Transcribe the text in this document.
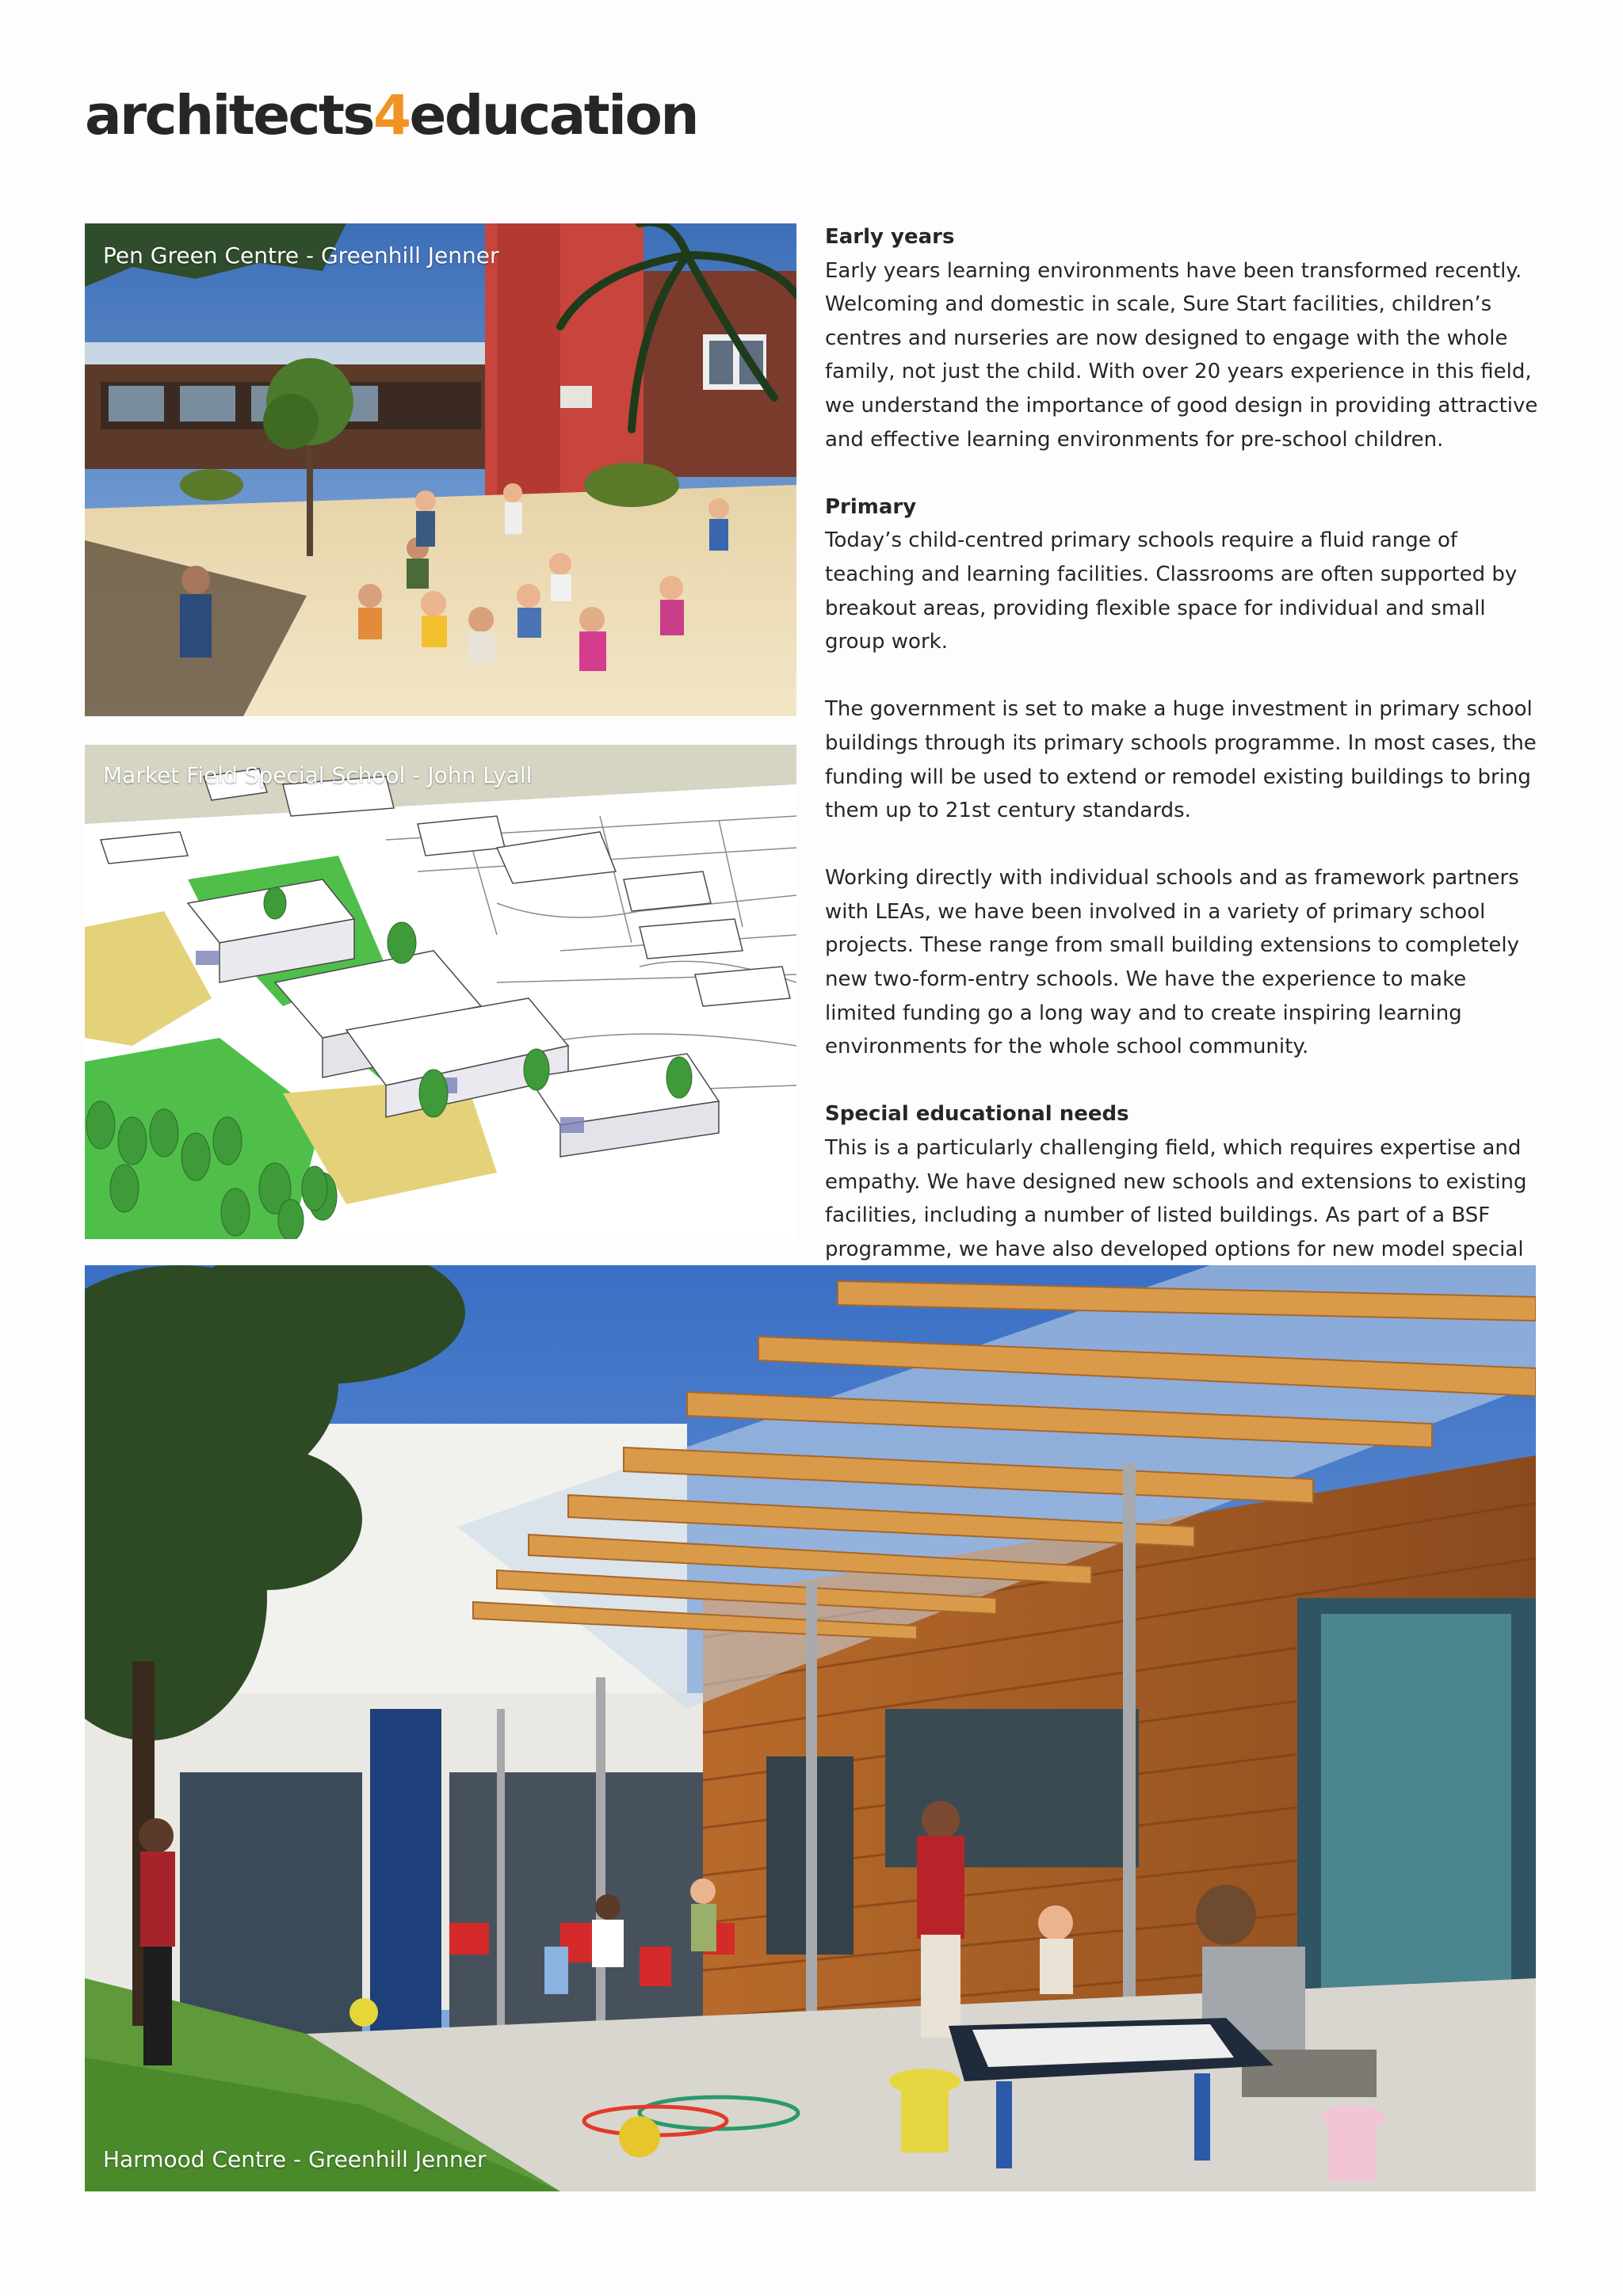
architects4education
Pen Green Centre - Greenhill Jenner
Market Field Special School - John Lyall
Early years

Early years learning environments have been transformed recently. Welcoming and domestic in scale, Sure Start facilities, children’s centres and nurseries are now designed to engage with the whole family, not just the child. With over 20 years experience in this field, we understand the importance of good design in providing attractive and effective learning environments for pre-school children.

Primary

Today’s child-centred primary schools require a fluid range of teaching and learning facilities. Classrooms are often supported by breakout areas, providing flexible space for individual and small group work.

The government is set to make a huge investment in primary school buildings through its primary schools programme. In most cases, the funding will be used to extend or remodel existing buildings to bring them up to 21st century standards.

Working directly with individual schools and as framework partners with LEAs, we have been involved in a variety of primary school projects. These range from small building extensions to completely new two-form-entry schools. We have the experience to make limited funding go a long way and to create inspiring learning environments for the whole school community.

Special educational needs

This is a particularly challenging field, which requires expertise and empathy. We have designed new schools and extensions to existing facilities, including a number of listed buildings. As part of a BSF programme, we have also developed options for new model special

Harmood Centre - Greenhill Jenner
